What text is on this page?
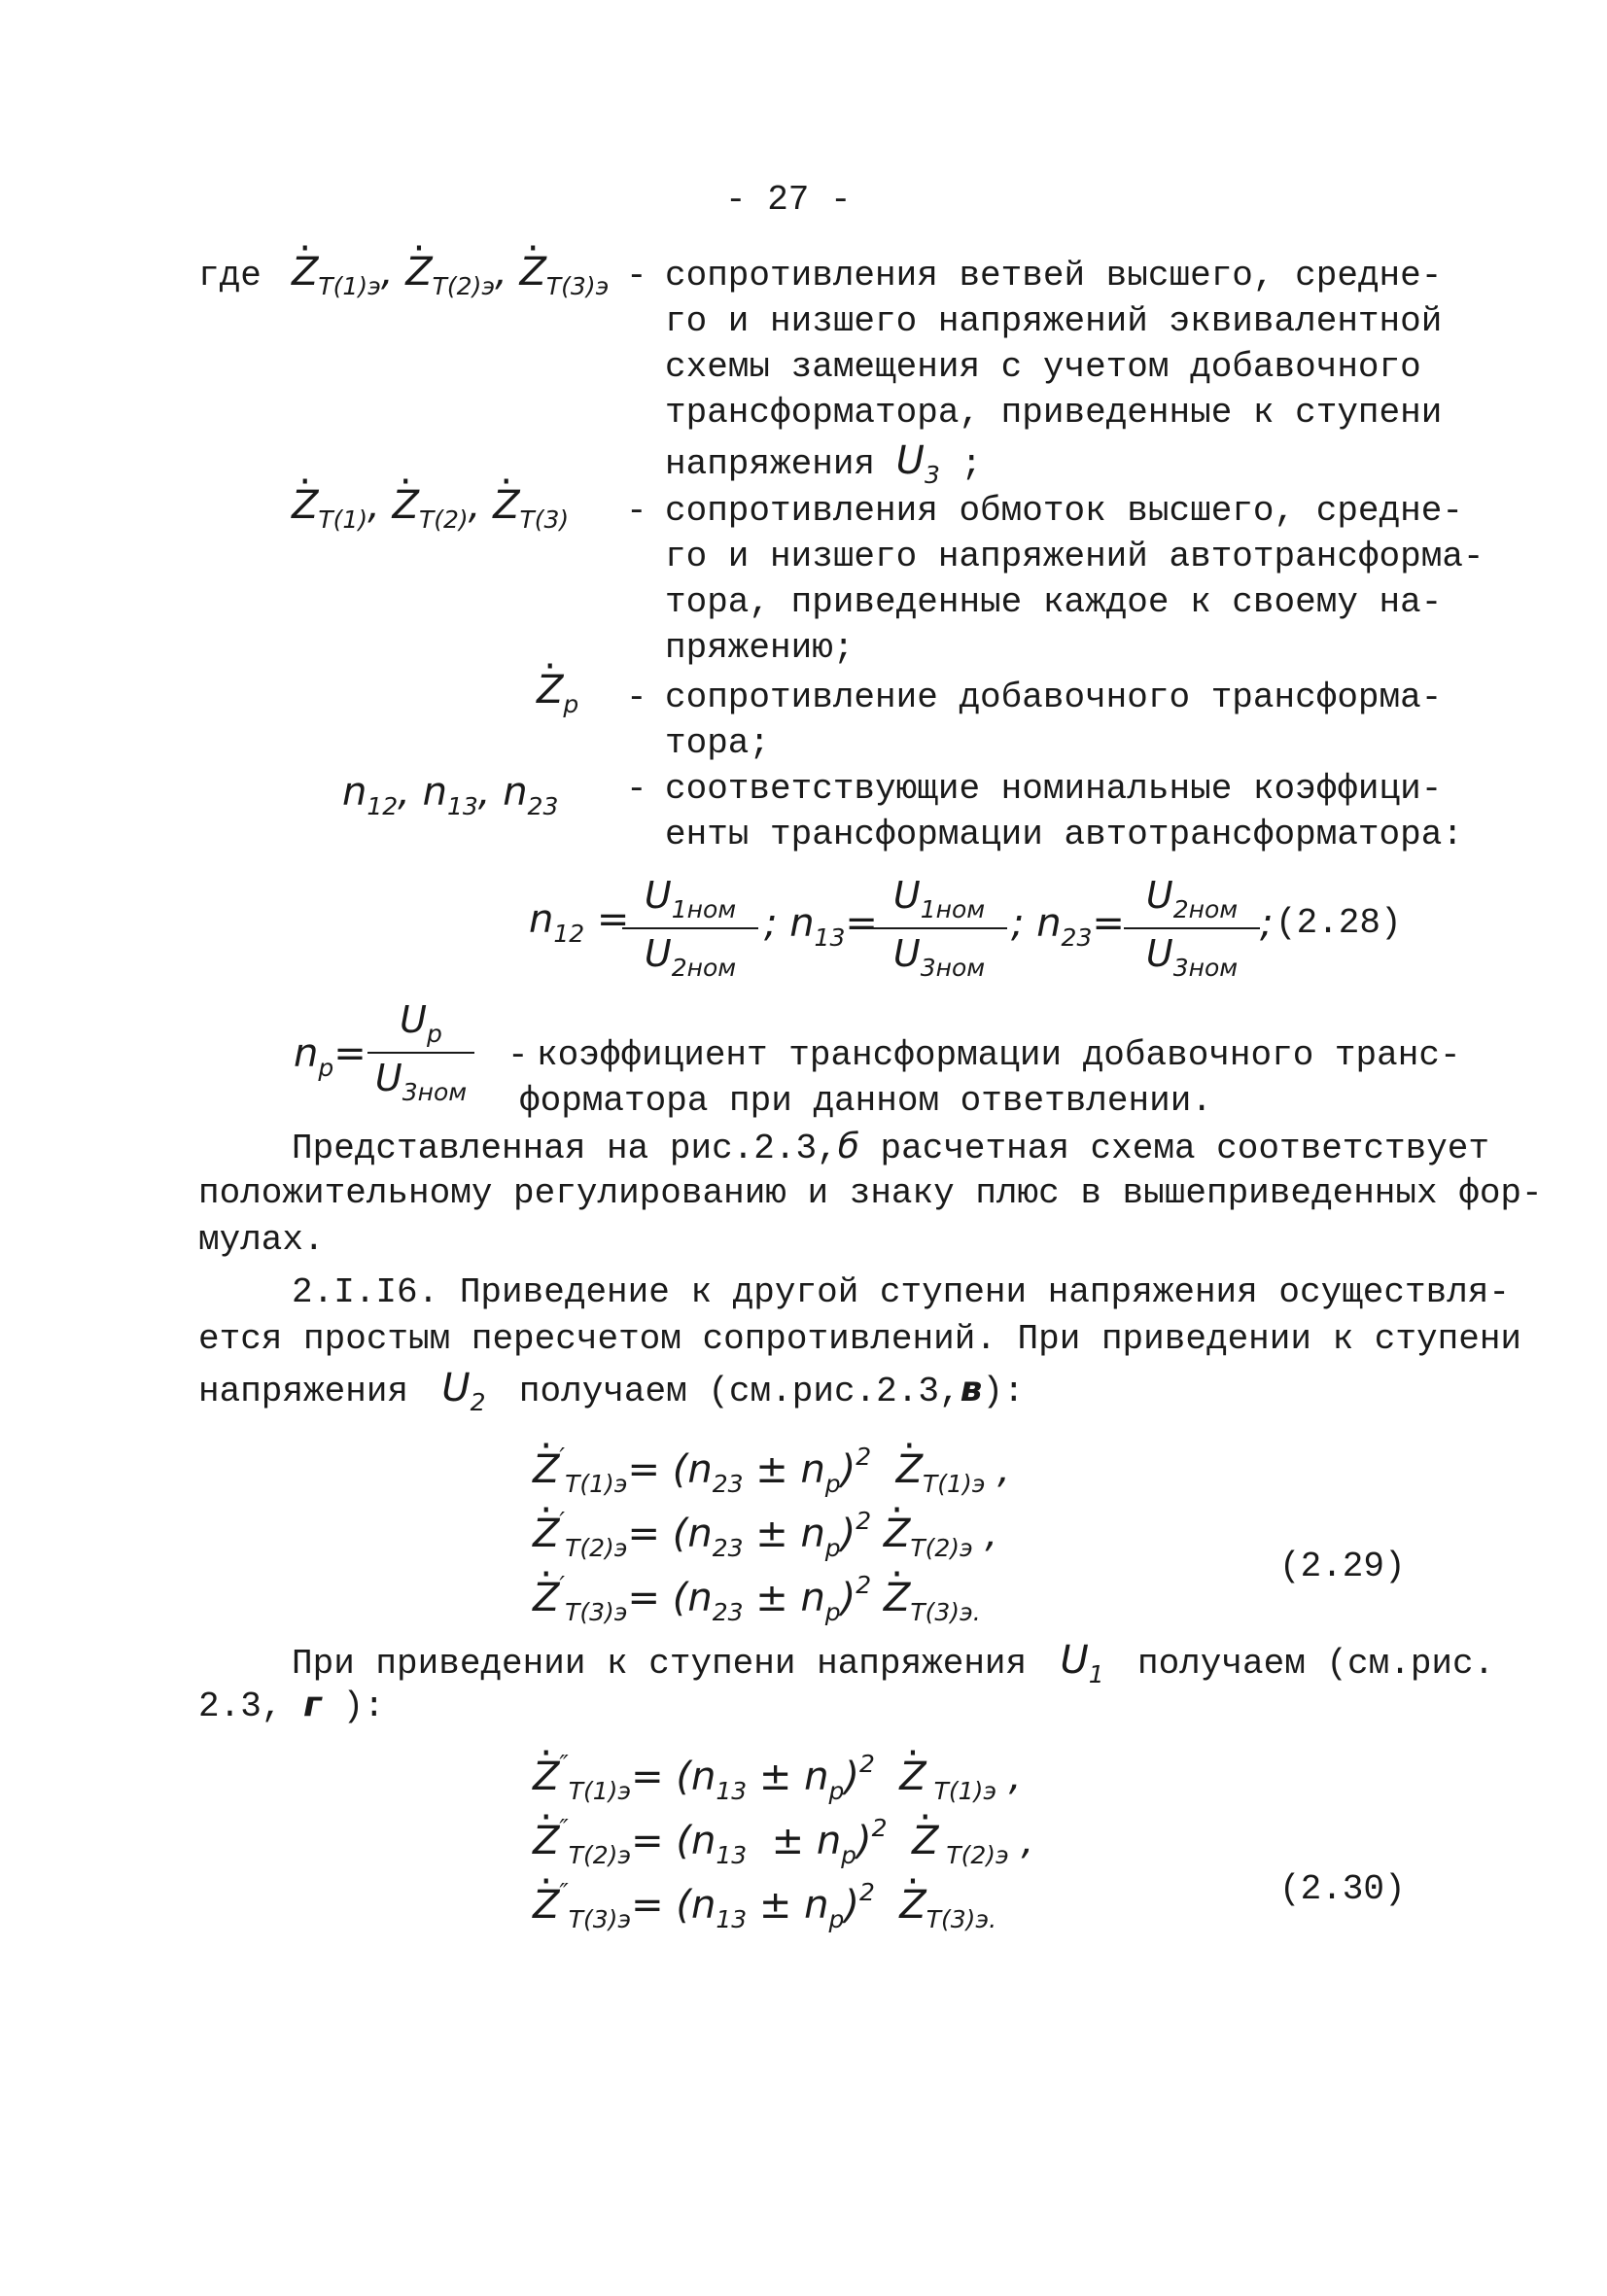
- 27 -
где · $Z_{T(1)э}$, · $Z_{T(2)э}$, · $Z_{T(3)э}$ - сопротивления ветвей высшего, средне-
го и низшего напряжений эквивалентной
схемы замещения с учетом добавочного
трансформатора, приведенные к ступени
напряжения $U_3$ ;
· $Z_{T(1)}$, · $Z_{T(2)}$, · $Z_{T(3)}$ - сопротивления обмоток высшего, средне-
го и низшего напряжений автотрансформа-
тора, приведенные каждое к своему на-
пряжению;
· $Z_p$ - сопротивление добавочного трансформа-
тора;
$n_{12}$, $n_{13}$, $n_{23}$ - соответствующие номинальные коэффици-
енты трансформации автотрансформатора:
$n_{12}$ =
$U_{1ном}$
$U_{2ном}$
; $n_{13}=$
$U_{1ном}$
$U_{3ном}$
; $n_{23}=$
$U_{2ном}$
$U_{3ном}$
; (2.28)
$n_p=$
$U_p$
$U_{3ном}$
- коэффициент трансформации добавочного транс-
форматора при данном ответвлении.
Представленная на рис.2.3,б расчетная схема соответствует
положительному регулированию и знаку плюс в вышеприведенных фор-
мулах.
2.I.I6. Приведение к другой ступени напряжения осуществля-
ется простым пересчетом сопротивлений. При приведении к ступени
напряжения  $U_2$ получаем (см.рис.2.3,в):
· $Z'_{T(1)э}= (n_{23} \pm n_p)^2 \cdot Z_{T(1)э}$ ,
· $Z'_{T(2)э}= (n_{23} \pm n_p)^2 \cdot Z_{T(2)э}$ ,
· $Z'_{T(3)э}= (n_{23} \pm n_p)^2 \cdot Z_{T(3)э.}$
(2.29)
При приведении к ступени напряжения  $U_1$ получаем (см.рис.
2.3, г ):
· $Z''_{T(1)э}= (n_{13} \pm n_p)^2 \cdot Z$ $_{T(1)э}$ ,
· $Z''_{T(2)э}= (n_{13} \pm n_p)^2 \cdot Z$ $_{T(2)э}$ ,
· $Z''_{T(3)э}= (n_{13} \pm n_p)^2 \cdot Z_{T(3)э.}$
(2.30)
